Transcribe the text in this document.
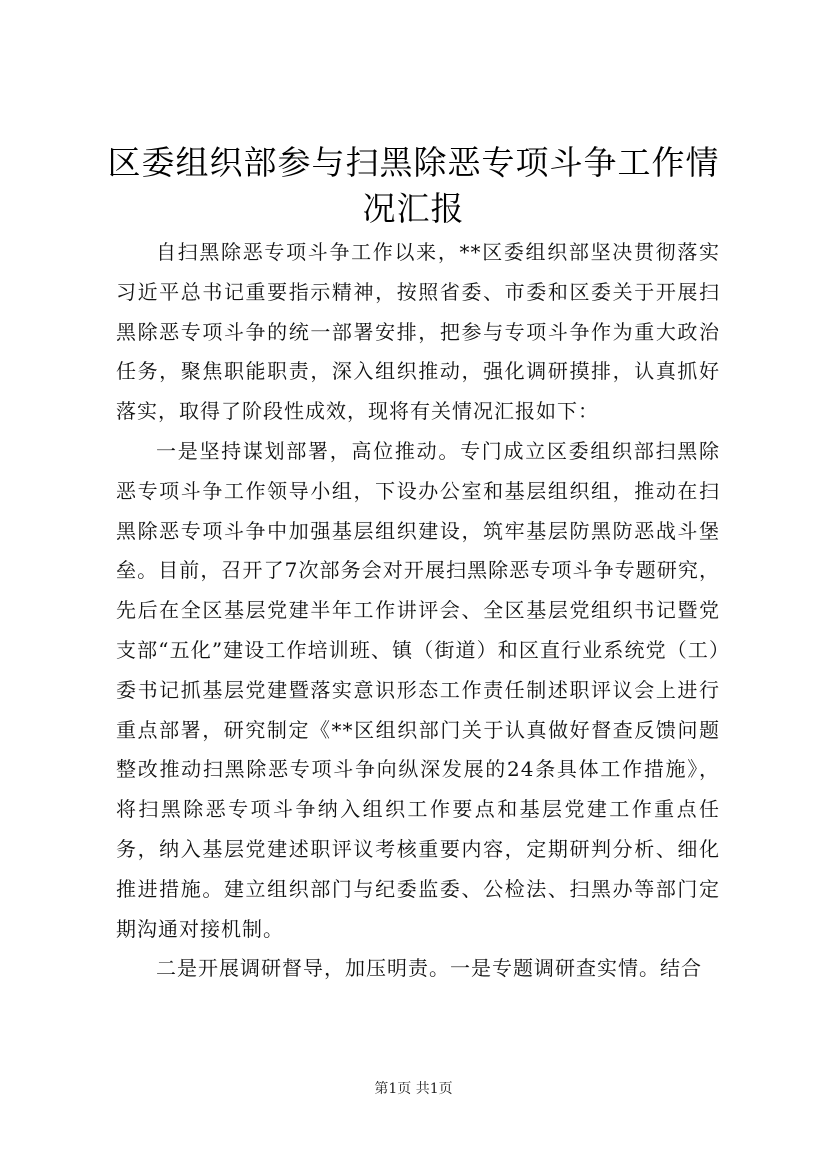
区委组织部参与扫黑除恶专项斗争工作情况汇报

自扫黑除恶专项斗争工作以来，**区委组织部坚决贯彻落实习近平总书记重要指示精神，按照省委、市委和区委关于开展扫黑除恶专项斗争的统一部署安排，把参与专项斗争作为重大政治任务，聚焦职能职责，深入组织推动，强化调研摸排，认真抓好落实，取得了阶段性成效，现将有关情况汇报如下：

一是坚持谋划部署，高位推动。专门成立区委组织部扫黑除恶专项斗争工作领导小组，下设办公室和基层组织组，推动在扫黑除恶专项斗争中加强基层组织建设，筑牢基层防黑防恶战斗堡垒。目前，召开了7次部务会对开展扫黑除恶专项斗争专题研究，先后在全区基层党建半年工作讲评会、全区基层党组织书记暨党支部“五化”建设工作培训班、镇（街道）和区直行业系统党（工）委书记抓基层党建暨落实意识形态工作责任制述职评议会上进行重点部署，研究制定《**区组织部门关于认真做好督查反馈问题整改推动扫黑除恶专项斗争向纵深发展的24条具体工作措施》，将扫黑除恶专项斗争纳入组织工作要点和基层党建工作重点任务，纳入基层党建述职评议考核重要内容，定期研判分析、细化推进措施。建立组织部门与纪委监委、公检法、扫黑办等部门定期沟通对接机制。

二是开展调研督导，加压明责。一是专题调研查实情。结合

第1页 共1页
